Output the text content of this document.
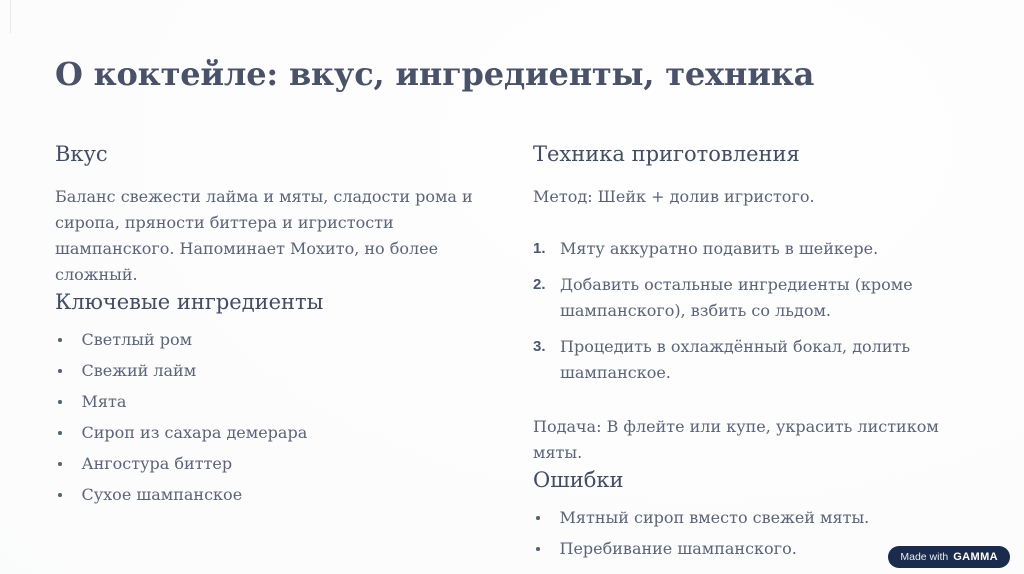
О коктейле: вкус, ингредиенты, техника
Вкус

Баланс свежести лайма и мяты, сладости рома и сиропа, пряности биттера и игристости шампанского. Напоминает Мохито, но более сложный.

Ключевые ингредиенты
Светлый ром
Свежий лайм
Мята
Сироп из сахара демерара
Ангостура биттер
Сухое шампанское
Техника приготовления

Метод: Шейк + долив игристого.

1. Мяту аккуратно подавить в шейкере.
2. Добавить остальные ингредиенты (кроме шампанского), взбить со льдом.
3. Процедить в охлаждённый бокал, долить шампанское.

Подача: В флейте или купе, украсить листиком мяты.

Ошибки
Мятный сироп вместо свежей мяты.
Перебивание шампанского.	Made with GAMMA
